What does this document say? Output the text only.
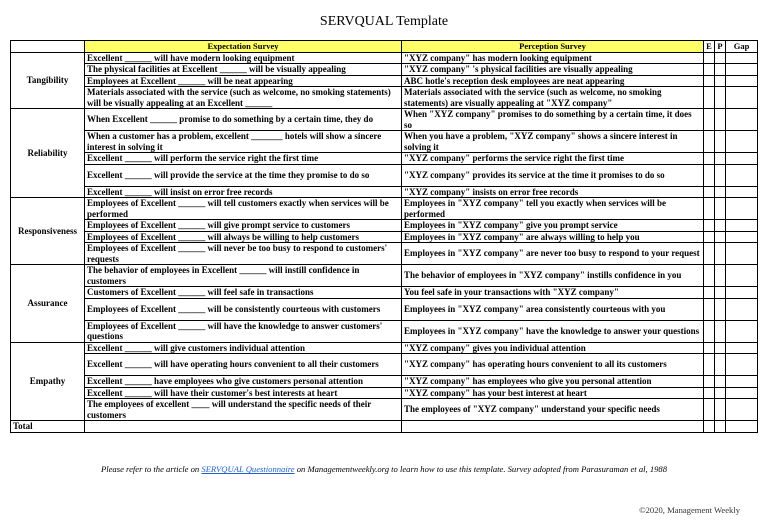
SERVQUAL Template
	Expectation Survey	Perception Survey	E	P	Gap
Tangibility	Excellent ______ will have modern looking equipment	"XYZ company" has modern looking equipment			
	The physical facilities at Excellent ______ will be visually appealing	"XYZ company" 's physical facilities are visually appealing			
	Employees at Excellent ______ will be neat appearing	ABC hotle's reception desk employees are neat appearing			
	Materials associated with the service (such as welcome, no smoking statements) will be visually appealing at an Excellent ______	Materials associated with the service (such as welcome, no smoking statements) are visually appealing at "XYZ company"			
Reliability	When Excellent ______ promise to do something by a certain time, they do	When "XYZ company" promises to do something by a certain time, it does so			
	When a customer has a problem, excellent _______ hotels will show a sincere interest in solving it	When you have a problem, "XYZ company" shows a sincere interest in solving it			
	Excellent ______ will perform the service right the first time	"XYZ company" performs the service right the first time			
	Excellent ______ will provide the service at the time they promise to do so	"XYZ company" provides its service at the time it promises to do so			
	Excellent ______ will insist on error free records	"XYZ company" insists on error free records			
Responsiveness	Employees of Excellent ______ will tell customers exactly when services will be performed	Employees in "XYZ company" tell you exactly when services will be performed			
	Employees of Excellent ______ will give prompt service to customers	Employees in "XYZ company" give you prompt service			
	Employees of Excellent ______ will always be willing to help customers	Employees in "XYZ company" are always willing to help you			
	Employees of Excellent ______ will never be too busy to respond to customers' requests	Employees in "XYZ company" are never too busy to respond to your request			
Assurance	The behavior of employees in Excellent ______ will instill confidence in customers	The behavior of employees in "XYZ company" instills confidence in you			
	Customers of Excellent ______ will feel safe in transactions	You feel safe in your transactions with "XYZ company"			
	Employees of Excellent ______ will be consistently courteous with customers	Employees in "XYZ company" area consistently courteous with you			
	Employees of Excellent ______ will have the knowledge to answer customers' questions	Employees in "XYZ company" have the knowledge to answer your questions			
Empathy	Excellent ______ will give customers individual attention	"XYZ company" gives you individual attention			
	Excellent ______ will have operating hours convenient to all their customers	"XYZ company" has operating hours convenient to all its customers			
	Excellent ______ have employees who give customers personal attention	"XYZ company" has employees who give you personal attention			
	Excellent ______ will have their customer's best interests at heart	"XYZ company" has your best interest at heart			
	The employees of excellent ____ will understand the specific needs of their customers	The employees of "XYZ company" understand your specific needs			
Total					
Please refer to the article on SERVQUAL Questionnaire on Managementweekly.org to learn how to use this template. Survey adopted from Parasuraman et al, 1988
©2020, Management Weekly
